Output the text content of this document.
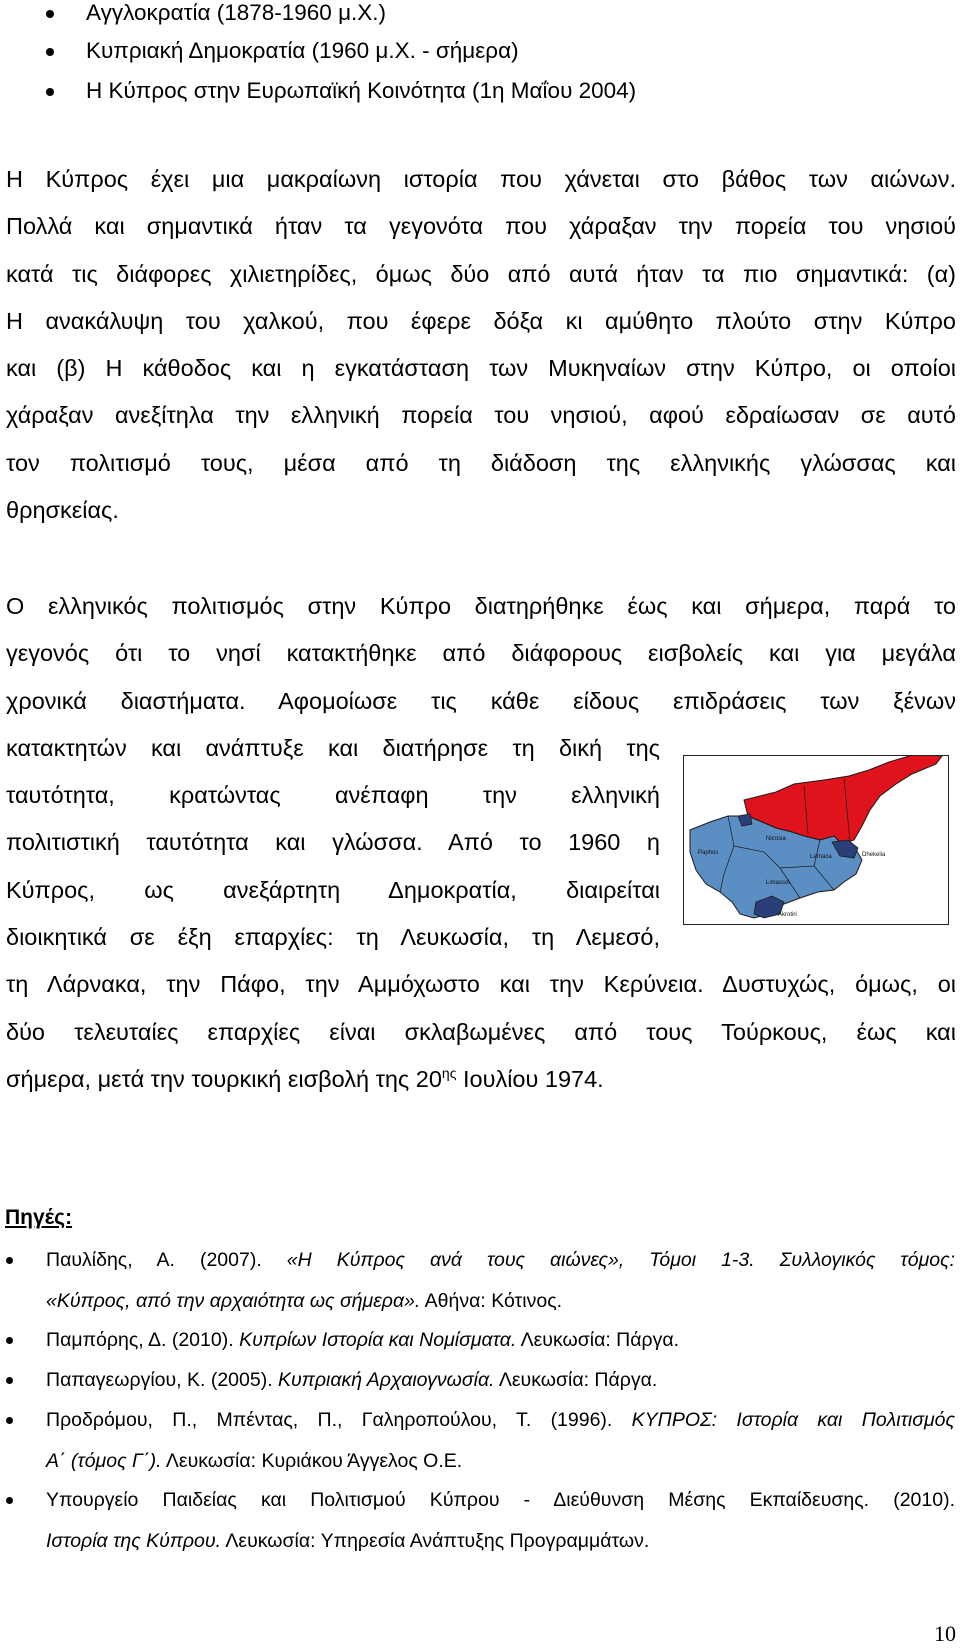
Αγγλοκρατία (1878-1960 μ.Χ.)
Κυπριακή Δημοκρατία (1960 μ.Χ. - σήμερα)
Η Κύπρος στην Ευρωπαϊκή Κοινότητα (1η Μαΐου 2004)
Η Κύπρος έχει μια μακραίωνη ιστορία που χάνεται στο βάθος των αιώνων.
Πολλά και σημαντικά ήταν τα γεγονότα που χάραξαν την πορεία του νησιού
κατά τις διάφορες χιλιετηρίδες, όμως δύο από αυτά ήταν τα πιο σημαντικά: (α)
Η ανακάλυψη του χαλκού, που έφερε δόξα κι αμύθητο πλούτο στην Κύπρο
και (β) Η κάθοδος και η εγκατάσταση των Μυκηναίων στην Κύπρο, οι οποίοι
χάραξαν ανεξίτηλα την ελληνική πορεία του νησιού, αφού εδραίωσαν σε αυτό
τον πολιτισμό τους, μέσα από τη διάδοση της ελληνικής γλώσσας και
θρησκείας.
Ο ελληνικός πολιτισμός στην Κύπρο διατηρήθηκε έως και σήμερα, παρά το
γεγονός ότι το νησί κατακτήθηκε από διάφορους εισβολείς και για μεγάλα
χρονικά διαστήματα. Αφομοίωσε τις κάθε είδους επιδράσεις των ξένων
κατακτητών και ανάπτυξε και διατήρησε τη δική της
ταυτότητα, κρατώντας ανέπαφη την ελληνική
πολιτιστική ταυτότητα και γλώσσα. Από το 1960 η
Κύπρος, ως ανεξάρτητη Δημοκρατία, διαιρείται
διοικητικά σε έξη επαρχίες: τη Λευκωσία, τη Λεμεσό,
τη Λάρνακα, την Πάφο, την Αμμόχωστο και την Κερύνεια. Δυστυχώς, όμως, οι
δύο τελευταίες επαρχίες είναι σκλαβωμένες από τους Τούρκους, έως και
σήμερα, μετά την τουρκική εισβολή της $20^{\eta\varsigma}$ Ιουλίου 1974.
Nicosia
Paphos
Limassol
Larnaca	Dhekelia
Akrotiri
Πηγές:
Παυλίδης, Α. (2007). «Η Κύπρος ανά τους αιώνες», Τόμοι 1-3. Συλλογικός τόμος:
«Κύπρος, από την αρχαιότητα ως σήμερα». Αθήνα: Κότινος.
Παμπόρης, Δ. (2010). Κυπρίων Ιστορία και Νομίσματα. Λευκωσία: Πάργα.
Παπαγεωργίου, Κ. (2005). Κυπριακή Αρχαιογνωσία. Λευκωσία: Πάργα.
Προδρόμου, Π., Μπέντας, Π., Γαληροπούλου, Τ. (1996). ΚΥΠΡΟΣ: Ιστορία και Πολιτισμός
Α΄ (τόμος Γ΄). Λευκωσία: Κυριάκου Άγγελος Ο.Ε.
Υπουργείο Παιδείας και Πολιτισμού Κύπρου - Διεύθυνση Μέσης Εκπαίδευσης. (2010).
Ιστορία της Κύπρου. Λευκωσία: Υπηρεσία Ανάπτυξης Προγραμμάτων.
10
